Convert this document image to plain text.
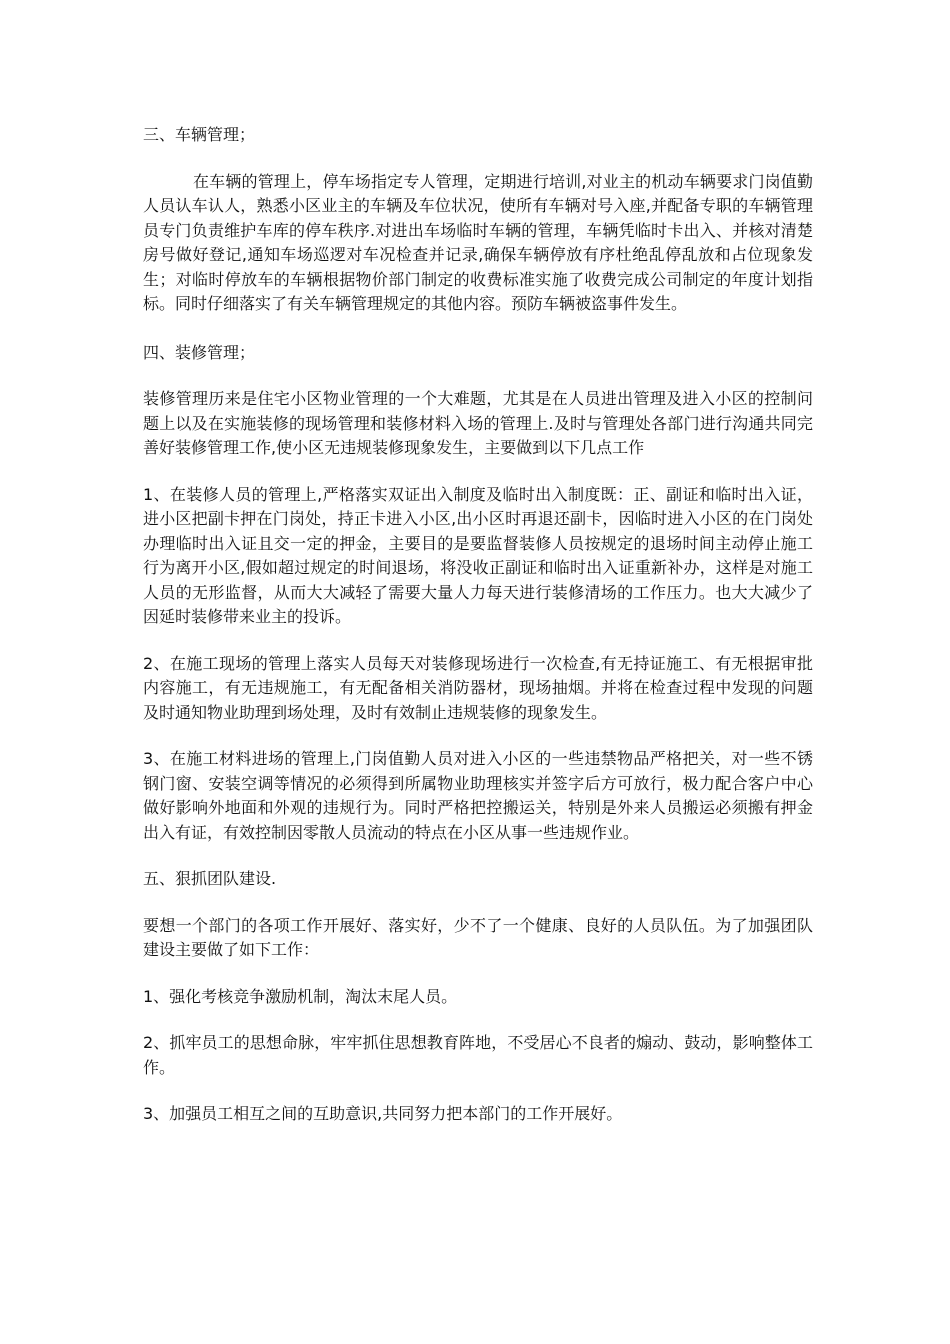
三、车辆管理；

在车辆的管理上，停车场指定专人管理，定期进行培训,对业主的机动车辆要求门岗值勤人员认车认人，熟悉小区业主的车辆及车位状况，使所有车辆对号入座,并配备专职的车辆管理员专门负责维护车库的停车秩序.对进出车场临时车辆的管理，车辆凭临时卡出入、并核对清楚房号做好登记,通知车场巡逻对车况检查并记录,确保车辆停放有序杜绝乱停乱放和占位现象发生；对临时停放车的车辆根据物价部门制定的收费标准实施了收费完成公司制定的年度计划指标。同时仔细落实了有关车辆管理规定的其他内容。预防车辆被盗事件发生。

四、装修管理；

装修管理历来是住宅小区物业管理的一个大难题，尤其是在人员进出管理及进入小区的控制问题上以及在实施装修的现场管理和装修材料入场的管理上.及时与管理处各部门进行沟通共同完善好装修管理工作,使小区无违规装修现象发生，主要做到以下几点工作

1、在装修人员的管理上,严格落实双证出入制度及临时出入制度既：正、副证和临时出入证，进小区把副卡押在门岗处，持正卡进入小区,出小区时再退还副卡，因临时进入小区的在门岗处办理临时出入证且交一定的押金，主要目的是要监督装修人员按规定的退场时间主动停止施工行为离开小区,假如超过规定的时间退场，将没收正副证和临时出入证重新补办，这样是对施工人员的无形监督，从而大大减轻了需要大量人力每天进行装修清场的工作压力。也大大减少了因延时装修带来业主的投诉。

2、在施工现场的管理上落实人员每天对装修现场进行一次检查,有无持证施工、有无根据审批内容施工，有无违规施工，有无配备相关消防器材，现场抽烟。并将在检查过程中发现的问题及时通知物业助理到场处理，及时有效制止违规装修的现象发生。

3、在施工材料进场的管理上,门岗值勤人员对进入小区的一些违禁物品严格把关，对一些不锈钢门窗、安装空调等情况的必须得到所属物业助理核实并签字后方可放行，极力配合客户中心做好影响外地面和外观的违规行为。同时严格把控搬运关，特别是外来人员搬运必须搬有押金出入有证，有效控制因零散人员流动的特点在小区从事一些违规作业。

五、狠抓团队建设.

要想一个部门的各项工作开展好、落实好，少不了一个健康、良好的人员队伍。为了加强团队建设主要做了如下工作：

1、强化考核竞争激励机制，淘汰末尾人员。

2、抓牢员工的思想命脉，牢牢抓住思想教育阵地，不受居心不良者的煽动、鼓动，影响整体工作。

3、加强员工相互之间的互助意识,共同努力把本部门的工作开展好。
